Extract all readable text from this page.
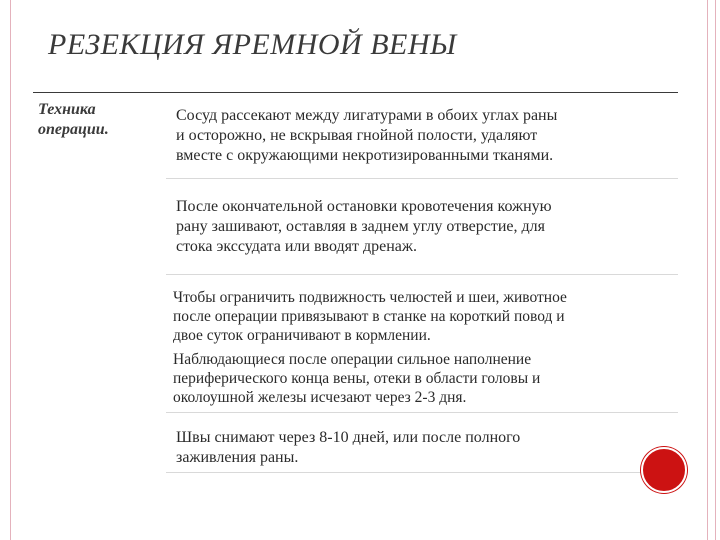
РЕЗЕКЦИЯ ЯРЕМНОЙ ВЕНЫ
Техника
операции.
Сосуд рассекают между лигатурами в обоих углах раны
и осторожно, не вскрывая гнойной полости, удаляют
вместе с окружающими некротизированными тканями.
После окончательной остановки кровотечения кожную
рану зашивают, оставляя в заднем углу отверстие, для
стока экссудата или вводят дренаж.
Чтобы ограничить подвижность челюстей и шеи, животное
после операции привязывают в станке на короткий повод и
двое суток ограничивают в кормлении.
Наблюдающиеся после операции сильное наполнение
периферического конца вены, отеки в области головы и
околоушной железы исчезают через 2-3 дня.
Швы снимают через 8-10 дней, или после полного
заживления раны.
